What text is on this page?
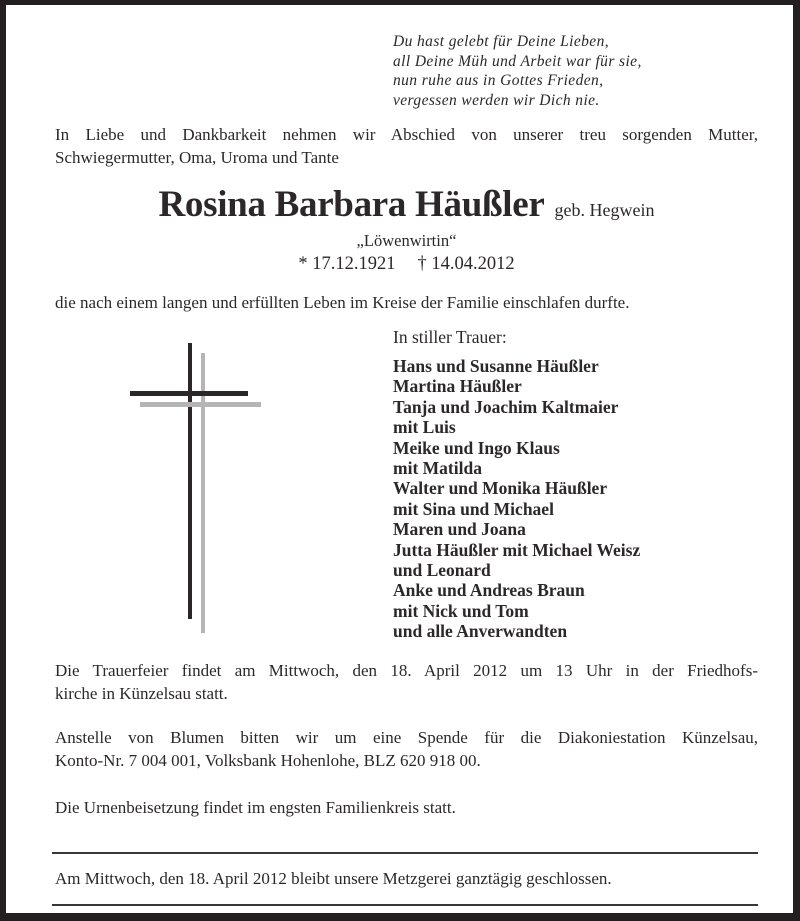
Du hast gelebt für Deine Lieben,
all Deine Müh und Arbeit war für sie,
nun ruhe aus in Gottes Frieden,
vergessen werden wir Dich nie.
In Liebe und Dankbarkeit nehmen wir Abschied von unserer treu sorgenden Mutter,
Schwiegermutter, Oma, Uroma und Tante
Rosina Barbara Häußler geb. Hegwein
„Löwenwirtin“
* 17.12.1921 † 14.04.2012
die nach einem langen und erfüllten Leben im Kreise der Familie einschlafen durfte.
In stiller Trauer:
Hans und Susanne Häußler
Martina Häußler
Tanja und Joachim Kaltmaier
mit Luis
Meike und Ingo Klaus
mit Matilda
Walter und Monika Häußler
mit Sina und Michael
Maren und Joana
Jutta Häußler mit Michael Weisz
und Leonard
Anke und Andreas Braun
mit Nick und Tom
und alle Anverwandten
Die Trauerfeier findet am Mittwoch, den 18. April 2012 um 13 Uhr in der Friedhofs-
kirche in Künzelsau statt.
Anstelle von Blumen bitten wir um eine Spende für die Diakoniestation Künzelsau,
Konto-Nr. 7 004 001, Volksbank Hohenlohe, BLZ 620 918 00.
Die Urnenbeisetzung findet im engsten Familienkreis statt.
Am Mittwoch, den 18. April 2012 bleibt unsere Metzgerei ganztägig geschlossen.
